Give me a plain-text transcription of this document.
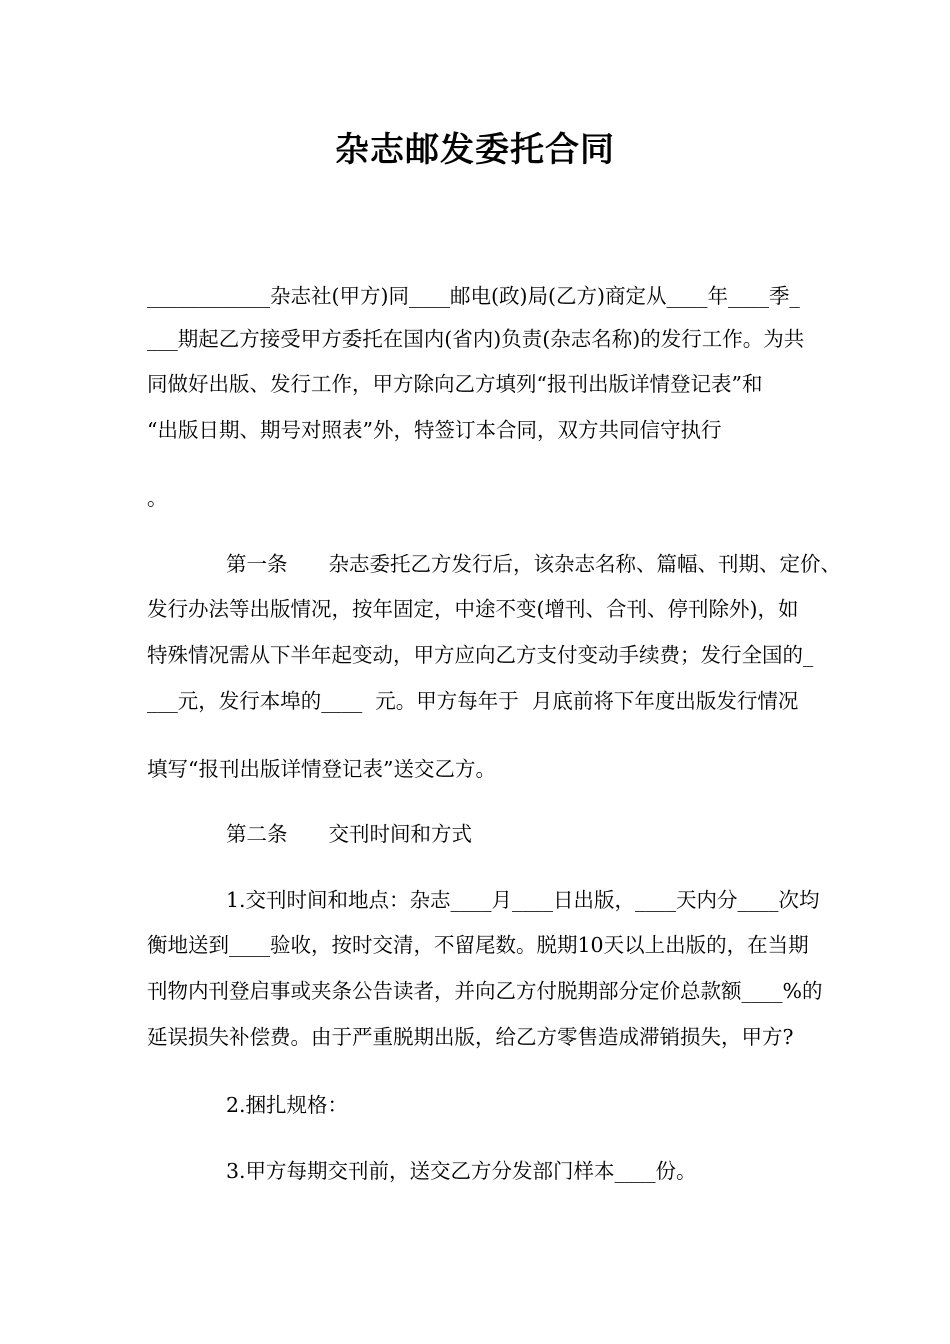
杂志邮发委托合同
____________杂志社(甲方)同____邮电(政)局(乙方)商定从____年____季_
___期起乙方接受甲方委托在国内(省内)负责(杂志名称)的发行工作。为共
同做好出版、发行工作，甲方除向乙方填列“报刊出版详情登记表”和
“出版日期、期号对照表”外，特签订本合同，双方共同信守执行
。
第一条　　杂志委托乙方发行后，该杂志名称、篇幅、刊期、定价、
发行办法等出版情况，按年固定，中途不变(增刊、合刊、停刊除外)，如
特殊情况需从下半年起变动，甲方应向乙方支付变动手续费；发行全国的_
___元，发行本埠的____  元。甲方每年于  月底前将下年度出版发行情况
填写“报刊出版详情登记表”送交乙方。
第二条　　交刊时间和方式
1.交刊时间和地点：杂志____月____日出版，____天内分____次均
衡地送到____验收，按时交清，不留尾数。脱期10天以上出版的，在当期
刊物内刊登启事或夹条公告读者，并向乙方付脱期部分定价总款额____%的
延误损失补偿费。由于严重脱期出版，给乙方零售造成滞销损失，甲方?
2.捆扎规格：
3.甲方每期交刊前，送交乙方分发部门样本____份。
